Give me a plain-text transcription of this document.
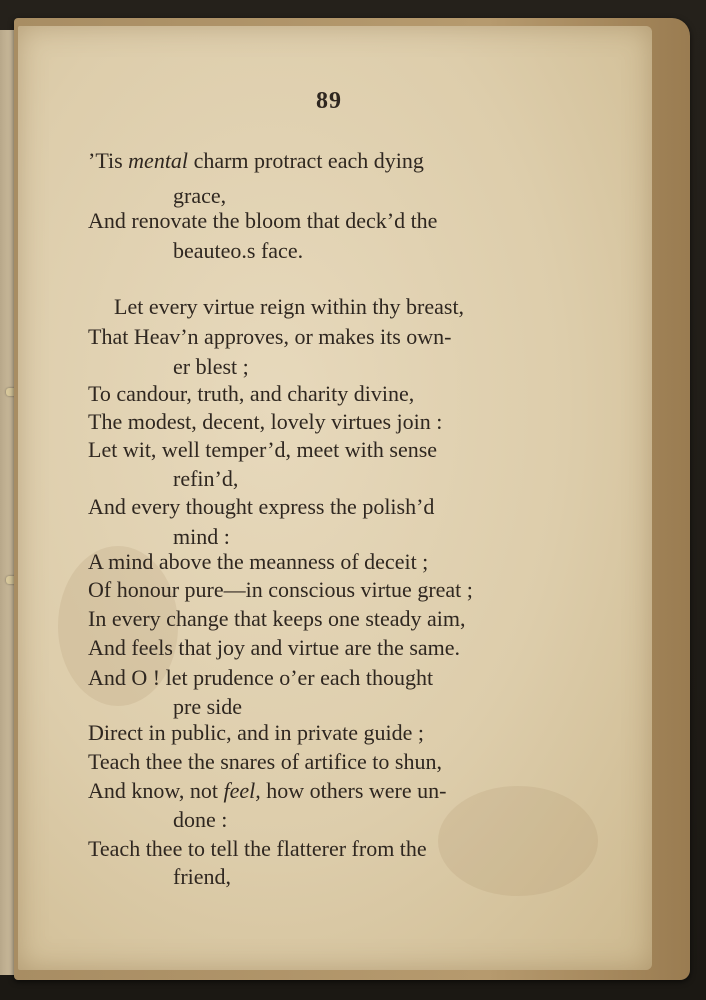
89
’Tis mental charm protract each dying
grace,
And renovate the bloom that deck’d the
beauteo.s face.
Let every virtue reign within thy breast,
That Heav’n approves, or makes its own-
er blest ;
To candour, truth, and charity divine,
The modest, decent, lovely virtues join :
Let wit, well temper’d, meet with sense
refin’d,
And every thought express the polish’d
mind :
A mind above the meanness of deceit ;
Of honour pure—in conscious virtue great ;
In every change that keeps one steady aim,
And feels that joy and virtue are the same.
And O ! let prudence o’er each thought
pre side
Direct in public, and in private guide ;
Teach thee the snares of artifice to shun,
And know, not feel, how others were un-
done :
Teach thee to tell the flatterer from the
friend,
